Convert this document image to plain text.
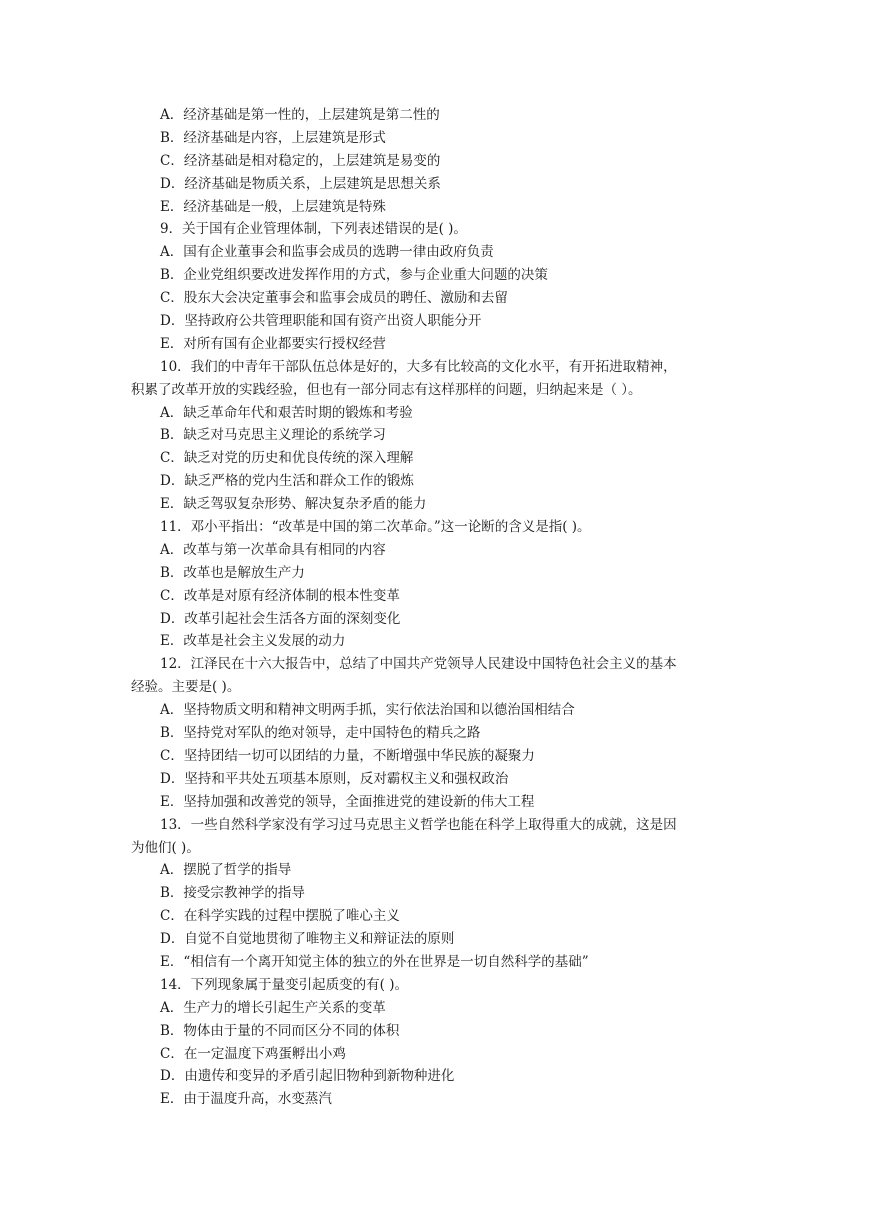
A．经济基础是第一性的，上层建筑是第二性的
B．经济基础是内容，上层建筑是形式
C．经济基础是相对稳定的，上层建筑是易变的
D．经济基础是物质关系，上层建筑是思想关系
E．经济基础是一般，上层建筑是特殊
9．关于国有企业管理体制，下列表述错误的是( )。
A．国有企业董事会和监事会成员的选聘一律由政府负责
B．企业党组织要改进发挥作用的方式，参与企业重大问题的决策
C．股东大会决定董事会和监事会成员的聘任、激励和去留
D．坚持政府公共管理职能和国有资产出资人职能分开
E．对所有国有企业都要实行授权经营
10．我们的中青年干部队伍总体是好的，大多有比较高的文化水平，有开拓进取精神，
积累了改革开放的实践经验，但也有一部分同志有这样那样的问题，归纳起来是（ ）。
A．缺乏革命年代和艰苦时期的锻炼和考验
B．缺乏对马克思主义理论的系统学习
C．缺乏对党的历史和优良传统的深入理解
D．缺乏严格的党内生活和群众工作的锻炼
E．缺乏驾驭复杂形势、解决复杂矛盾的能力
11．邓小平指出：“改革是中国的第二次革命。”这一论断的含义是指( )。
A．改革与第一次革命具有相同的内容
B．改革也是解放生产力
C．改革是对原有经济体制的根本性变革
D．改革引起社会生活各方面的深刻变化
E．改革是社会主义发展的动力
12．江泽民在十六大报告中，总结了中国共产党领导人民建设中国特色社会主义的基本
经验。主要是( )。
A．坚持物质文明和精神文明两手抓，实行依法治国和以德治国相结合
B．坚持党对军队的绝对领导，走中国特色的精兵之路
C．坚持团结一切可以团结的力量，不断增强中华民族的凝聚力
D．坚持和平共处五项基本原则，反对霸权主义和强权政治
E．坚持加强和改善党的领导，全面推进党的建设新的伟大工程
13．一些自然科学家没有学习过马克思主义哲学也能在科学上取得重大的成就，这是因
为他们( )。
A．摆脱了哲学的指导
B．接受宗教神学的指导
C．在科学实践的过程中摆脱了唯心主义
D．自觉不自觉地贯彻了唯物主义和辩证法的原则
E．“相信有一个离开知觉主体的独立的外在世界是一切自然科学的基础”
14．下列现象属于量变引起质变的有( )。
A．生产力的增长引起生产关系的变革
B．物体由于量的不同而区分不同的体积
C．在一定温度下鸡蛋孵出小鸡
D．由遗传和变异的矛盾引起旧物种到新物种进化
E．由于温度升高，水变蒸汽
